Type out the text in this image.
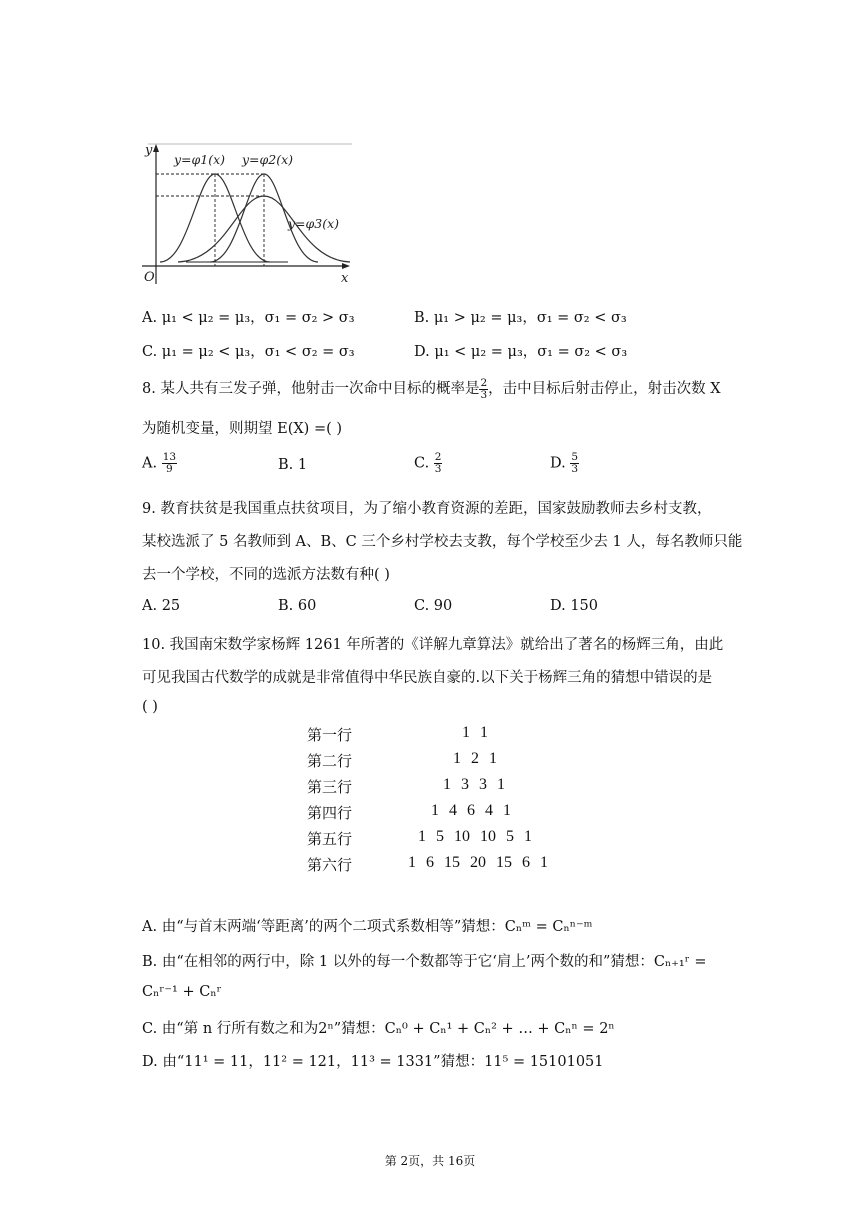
y
x
O
y=φ1(x) y=φ2(x)
y=φ3(x)
A. μ₁ < μ₂ = μ₃，σ₁ = σ₂ > σ₃	B. μ₁ > μ₂ = μ₃，σ₁ = σ₂ < σ₃
C. μ₁ = μ₂ < μ₃，σ₁ < σ₂ = σ₃	D. μ₁ < μ₂ = μ₃，σ₁ = σ₂ < σ₃
8. 某人共有三发子弹，他射击一次命中目标的概率是 $\frac{2}{3}$ ，击中目标后射击停止，射击次数 X
为随机变量，则期望 E(X) =( )
A. $\frac{13}{9}$	B. 1	C. $\frac{2}{3}$	D. $\frac{5}{3}$
9. 教育扶贫是我国重点扶贫项目，为了缩小教育资源的差距，国家鼓励教师去乡村支教，
某校选派了 5 名教师到 A、B、C 三个乡村学校去支教，每个学校至少去 1 人，每名教师只能
去一个学校，不同的选派方法数有种( )
A. 25	B. 60	C. 90	D. 150
10. 我国南宋数学家杨辉 1261 年所著的《详解九章算法》就给出了著名的杨辉三角，由此
可见我国古代数学的成就是非常值得中华民族自豪的.以下关于杨辉三角的猜想中错误的是
( )
第一行	1 1
第二行	1 2 1
第三行	1 3 3 1
第四行	1 4 6 4 1
第五行	1 5 10 10 5 1
第六行	1 6 15 20 15 6 1
A. 由“与首末两端‘等距离’的两个二项式系数相等”猜想：Cₙᵐ = Cₙⁿ⁻ᵐ
B. 由“在相邻的两行中，除 1 以外的每一个数都等于它‘肩上’两个数的和”猜想：Cₙ₊₁ʳ =
Cₙʳ⁻¹ + Cₙʳ
C. 由“第 n 行所有数之和为2ⁿ”猜想：Cₙ⁰ + Cₙ¹ + Cₙ² + … + Cₙⁿ = 2ⁿ
D. 由“11¹ = 11，11² = 121，11³ = 1331”猜想：11⁵ = 15101051
第 2页，共 16页
